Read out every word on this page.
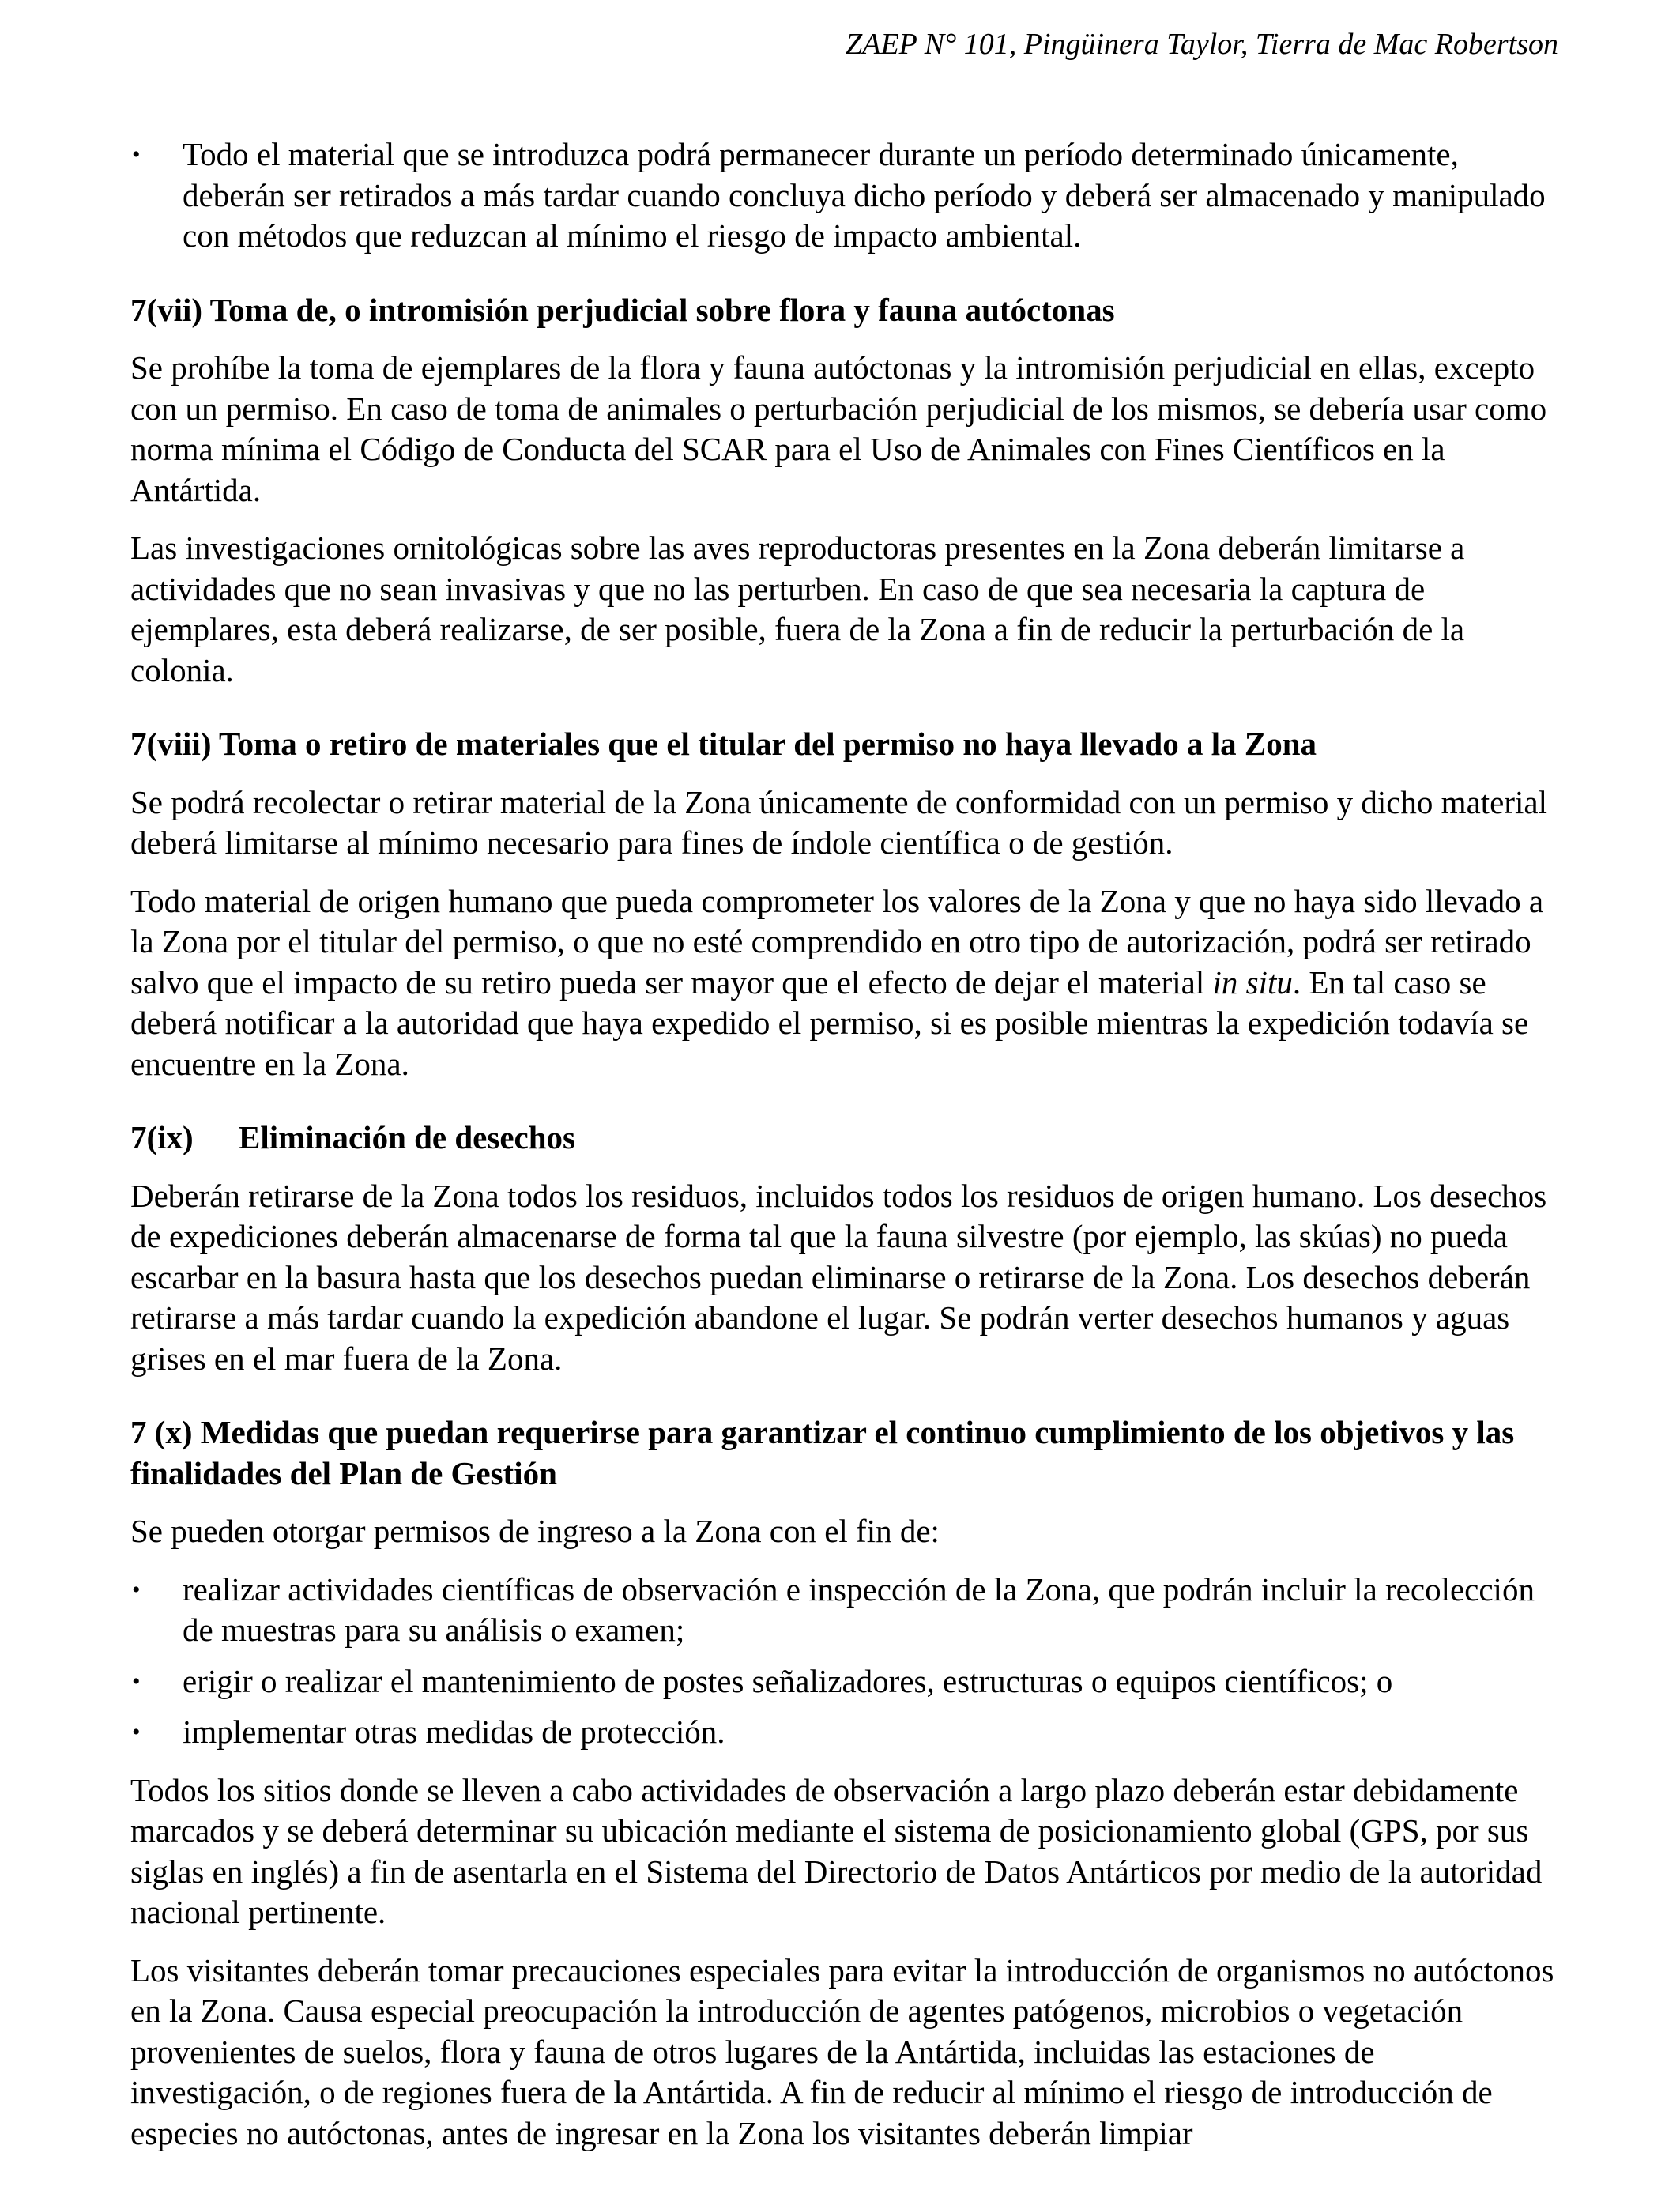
ZAEP N° 101, Pingüinera Taylor, Tierra de Mac Robertson
• Todo el material que se introduzca podrá permanecer durante un período determinado únicamente, deberán ser retirados a más tardar cuando concluya dicho período y deberá ser almacenado y manipulado con métodos que reduzcan al mínimo el riesgo de impacto ambiental.
7(vii) Toma de, o intromisión perjudicial sobre flora y fauna autóctonas

Se prohíbe la toma de ejemplares de la flora y fauna autóctonas y la intromisión perjudicial en ellas, excepto con un permiso. En caso de toma de animales o perturbación perjudicial de los mismos, se debería usar como norma mínima el Código de Conducta del SCAR para el Uso de Animales con Fines Científicos en la Antártida.

Las investigaciones ornitológicas sobre las aves reproductoras presentes en la Zona deberán limitarse a actividades que no sean invasivas y que no las perturben. En caso de que sea necesaria la captura de ejemplares, esta deberá realizarse, de ser posible, fuera de la Zona a fin de reducir la perturbación de la colonia.

7(viii) Toma o retiro de materiales que el titular del permiso no haya llevado a la Zona

Se podrá recolectar o retirar material de la Zona únicamente de conformidad con un permiso y dicho material deberá limitarse al mínimo necesario para fines de índole científica o de gestión.

Todo material de origen humano que pueda comprometer los valores de la Zona y que no haya sido llevado a la Zona por el titular del permiso, o que no esté comprendido en otro tipo de autorización, podrá ser retirado salvo que el impacto de su retiro pueda ser mayor que el efecto de dejar el material in situ. En tal caso se deberá notificar a la autoridad que haya expedido el permiso, si es posible mientras la expedición todavía se encuentre en la Zona.

7(ix) Eliminación de desechos

Deberán retirarse de la Zona todos los residuos, incluidos todos los residuos de origen humano. Los desechos de expediciones deberán almacenarse de forma tal que la fauna silvestre (por ejemplo, las skúas) no pueda escarbar en la basura hasta que los desechos puedan eliminarse o retirarse de la Zona. Los desechos deberán retirarse a más tardar cuando la expedición abandone el lugar. Se podrán verter desechos humanos y aguas grises en el mar fuera de la Zona.

7 (x) Medidas que puedan requerirse para garantizar el continuo cumplimiento de los objetivos y las finalidades del Plan de Gestión

Se pueden otorgar permisos de ingreso a la Zona con el fin de:

• realizar actividades científicas de observación e inspección de la Zona, que podrán incluir la recolección de muestras para su análisis o examen;
• erigir o realizar el mantenimiento de postes señalizadores, estructuras o equipos científicos; o
• implementar otras medidas de protección.

Todos los sitios donde se lleven a cabo actividades de observación a largo plazo deberán estar debidamente marcados y se deberá determinar su ubicación mediante el sistema de posicionamiento global (GPS, por sus siglas en inglés) a fin de asentarla en el Sistema del Directorio de Datos Antárticos por medio de la autoridad nacional pertinente.

Los visitantes deberán tomar precauciones especiales para evitar la introducción de organismos no autóctonos en la Zona. Causa especial preocupación la introducción de agentes patógenos, microbios o vegetación provenientes de suelos, flora y fauna de otros lugares de la Antártida, incluidas las estaciones de investigación, o de regiones fuera de la Antártida. A fin de reducir al mínimo el riesgo de introducción de especies no autóctonas, antes de ingresar en la Zona los visitantes deberán limpiar
